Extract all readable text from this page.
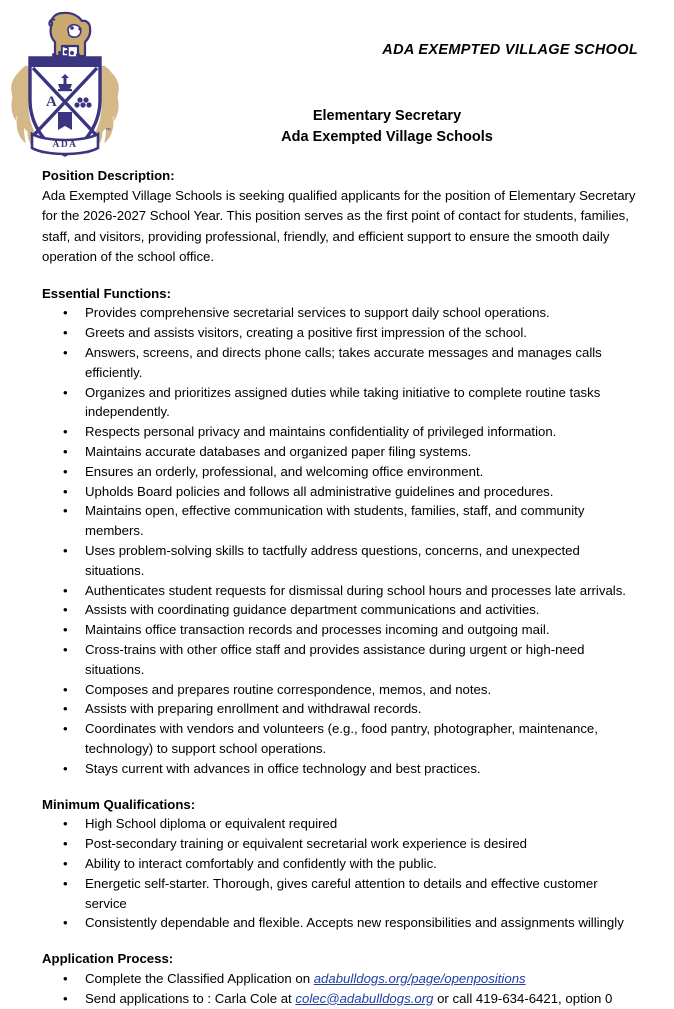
A
ADA
™
ADA EXEMPTED VILLAGE SCHOOL
Elementary Secretary
Ada Exempted Village Schools
Position Description:

Ada Exempted Village Schools is seeking qualified applicants for the position of Elementary Secretary for the 2026-2027 School Year. This position serves as the first point of contact for students, families, staff, and visitors, providing professional, friendly, and efficient support to ensure the smooth daily operation of the school office.

Essential Functions:
• Provides comprehensive secretarial services to support daily school operations.
• Greets and assists visitors, creating a positive first impression of the school.
• Answers, screens, and directs phone calls; takes accurate messages and manages calls efficiently.
• Organizes and prioritizes assigned duties while taking initiative to complete routine tasks independently.
• Respects personal privacy and maintains confidentiality of privileged information.
• Maintains accurate databases and organized paper filing systems.
• Ensures an orderly, professional, and welcoming office environment.
• Upholds Board policies and follows all administrative guidelines and procedures.
• Maintains open, effective communication with students, families, staff, and community members.
• Uses problem-solving skills to tactfully address questions, concerns, and unexpected situations.
• Authenticates student requests for dismissal during school hours and processes late arrivals.
• Assists with coordinating guidance department communications and activities.
• Maintains office transaction records and processes incoming and outgoing mail.
• Cross-trains with other office staff and provides assistance during urgent or high-need situations.
• Composes and prepares routine correspondence, memos, and notes.
• Assists with preparing enrollment and withdrawal records.
• Coordinates with vendors and volunteers (e.g., food pantry, photographer, maintenance, technology) to support school operations.
• Stays current with advances in office technology and best practices.
Minimum Qualifications:
• High School diploma or equivalent required
• Post-secondary training or equivalent secretarial work experience is desired
• Ability to interact comfortably and confidently with the public.
• Energetic self-starter. Thorough, gives careful attention to details and effective customer service
• Consistently dependable and flexible. Accepts new responsibilities and assignments willingly
Application Process:
• Complete the Classified Application on adabulldogs.org/page/openpositions
• Send applications to : Carla Cole at colec@adabulldogs.org or call 419-634-6421, option 0
